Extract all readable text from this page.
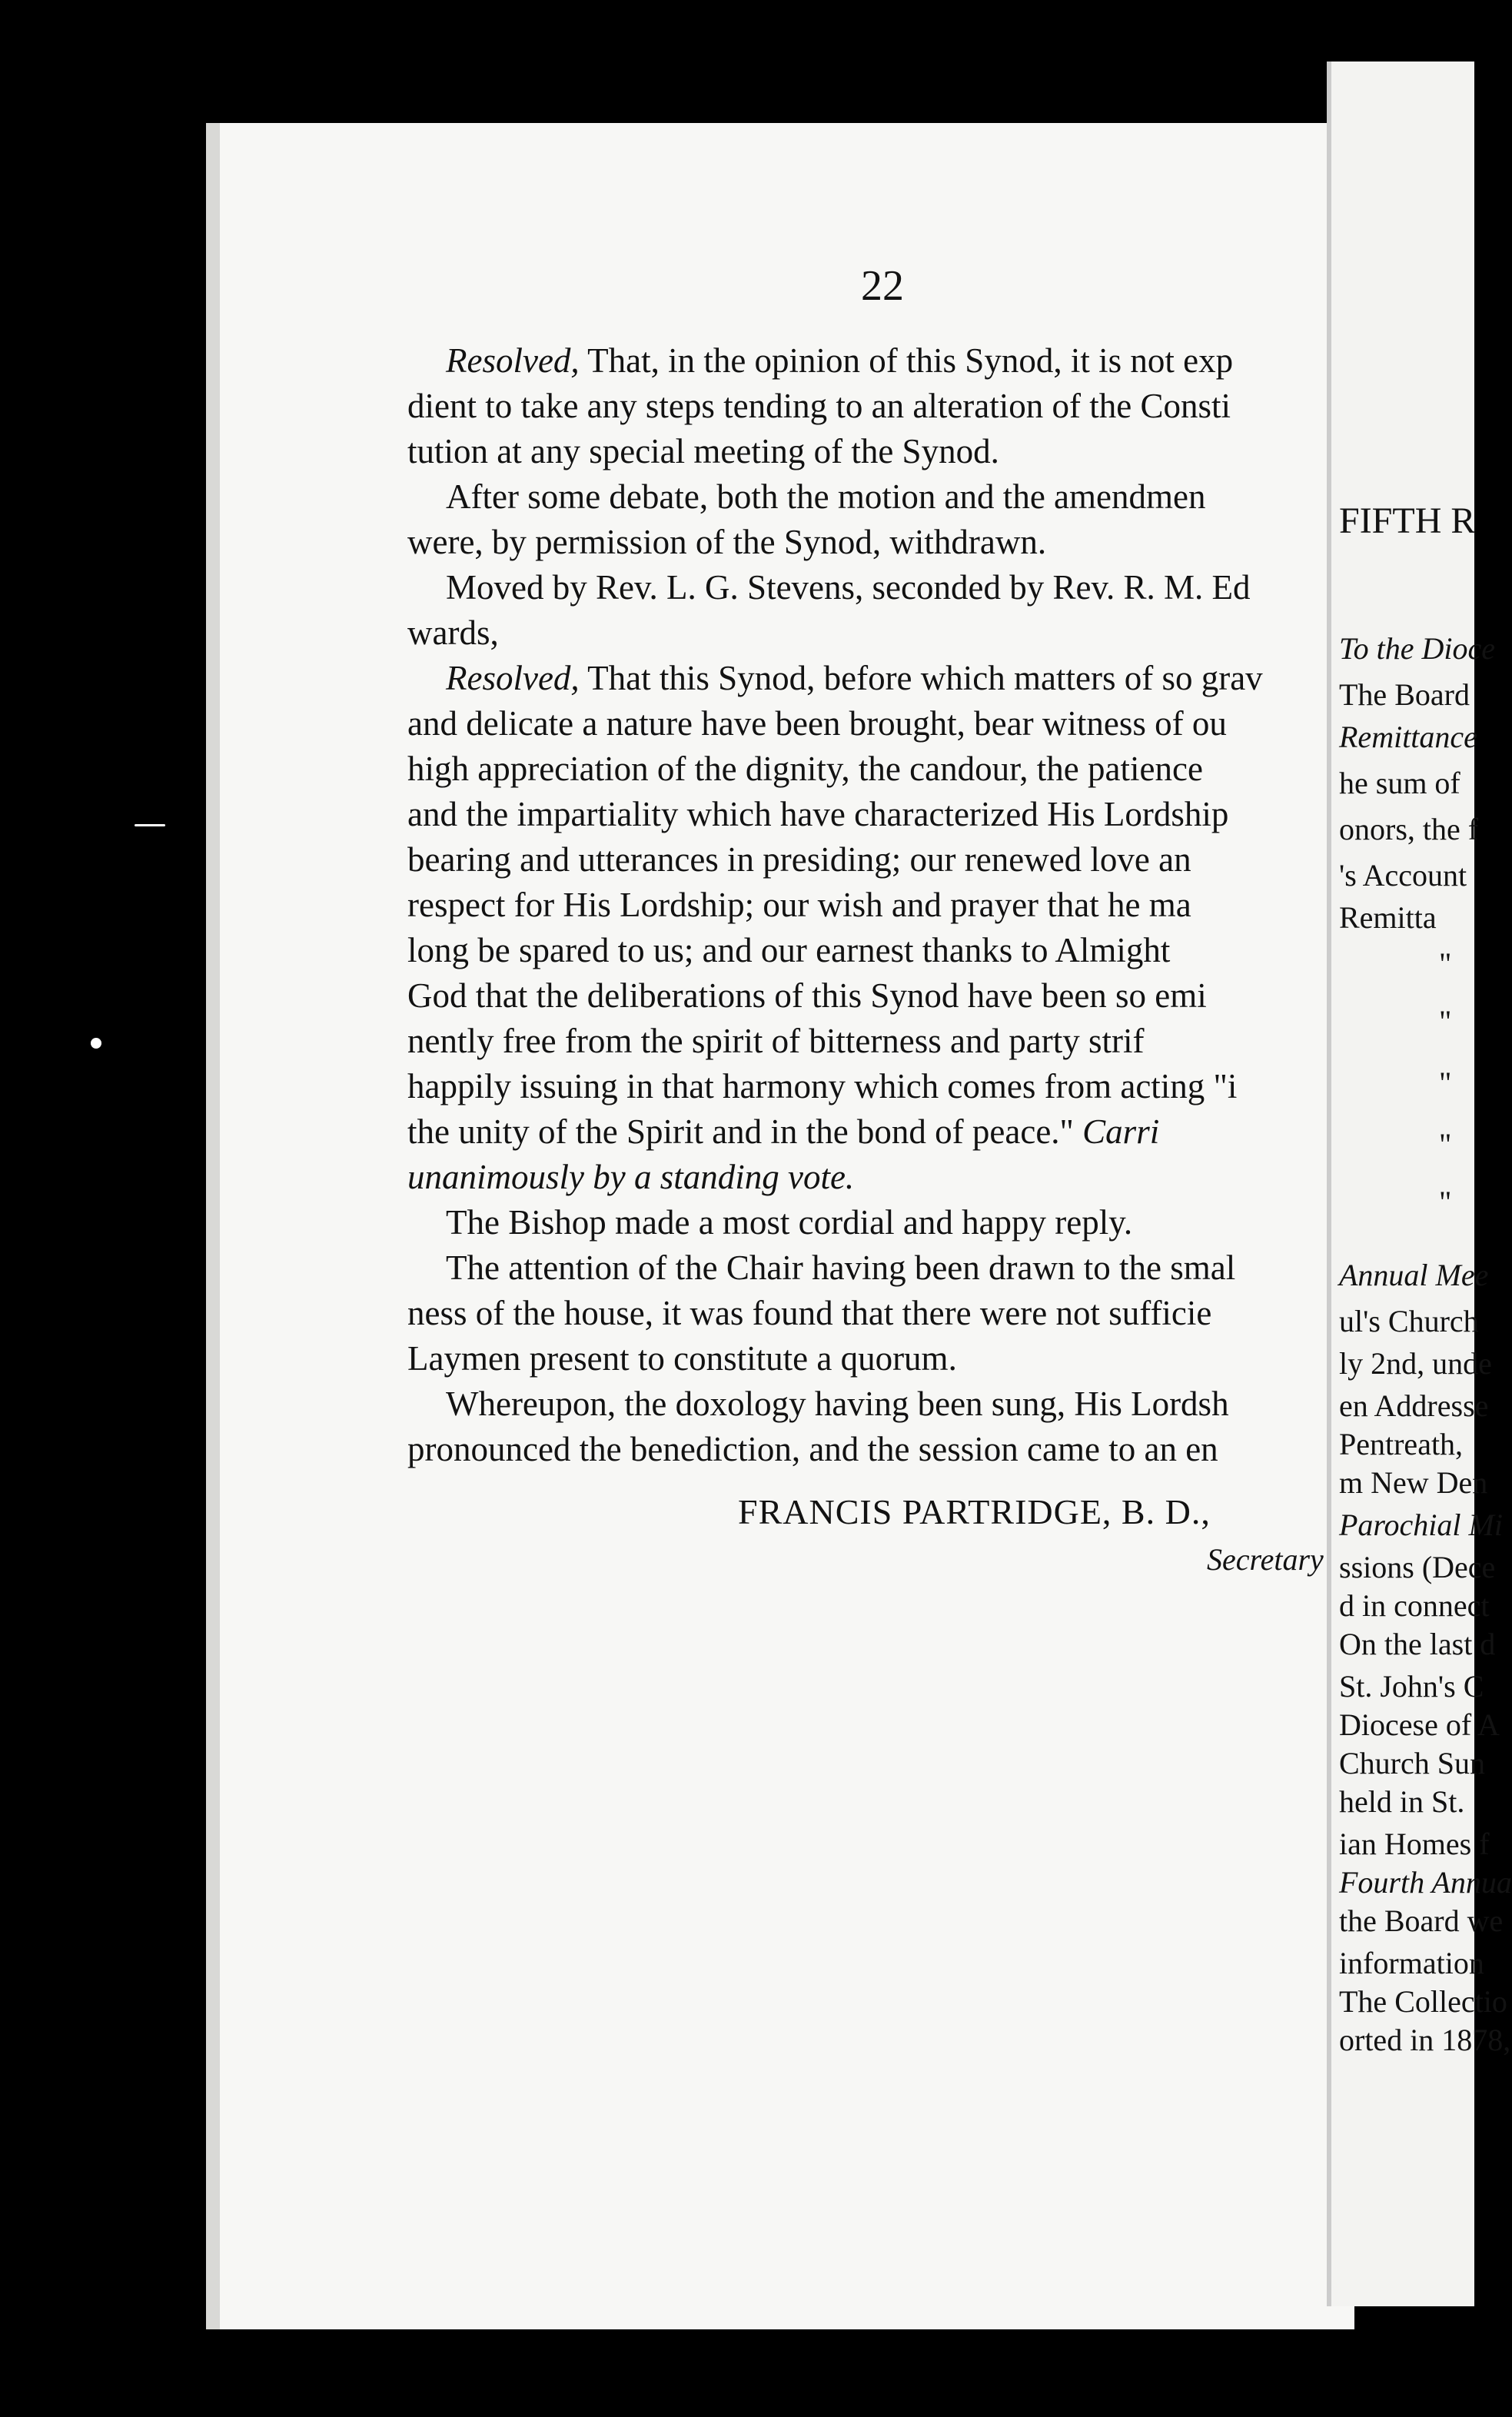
22
Resolved, That, in the opinion of this Synod, it is not exp
dient to take any steps tending to an alteration of the Consti
tution at any special meeting of the Synod.
After some debate, both the motion and the amendmen
were, by permission of the Synod, withdrawn.
Moved by Rev. L. G. Stevens, seconded by Rev. R. M. Ed
wards,
Resolved, That this Synod, before which matters of so grav
and delicate a nature have been brought, bear witness of ou
high appreciation of the dignity, the candour, the patience
and the impartiality which have characterized His Lordship
bearing and utterances in presiding; our renewed love an
respect for His Lordship; our wish and prayer that he ma
long be spared to us; and our earnest thanks to Almight
God that the deliberations of this Synod have been so emi
nently free from the spirit of bitterness and party strif
happily issuing in that harmony which comes from acting "i
the unity of the Spirit and in the bond of peace." Carri
unanimously by a standing vote.
The Bishop made a most cordial and happy reply.
The attention of the Chair having been drawn to the smal
ness of the house, it was found that there were not sufficie
Laymen present to constitute a quorum.
Whereupon, the doxology having been sung, His Lordsh
pronounced the benediction, and the session came to an en
FRANCIS PARTRIDGE, B. D.,
Secretary
FIFTH R
To the Dioce
The Board
Remittance
he sum of
onors, the f
's Account
Remitta
"
"
"
"
"
Annual Mee
ul's Church
ly 2nd, unde
en Addresse
Pentreath,
m New Den
Parochial Mi
ssions (Dece
d in connect
On the last d
St. John's C
Diocese of A
Church Sun
held in St.
ian Homes f
Fourth Annua
the Board we
information
The Collectio
orted in 1878,
